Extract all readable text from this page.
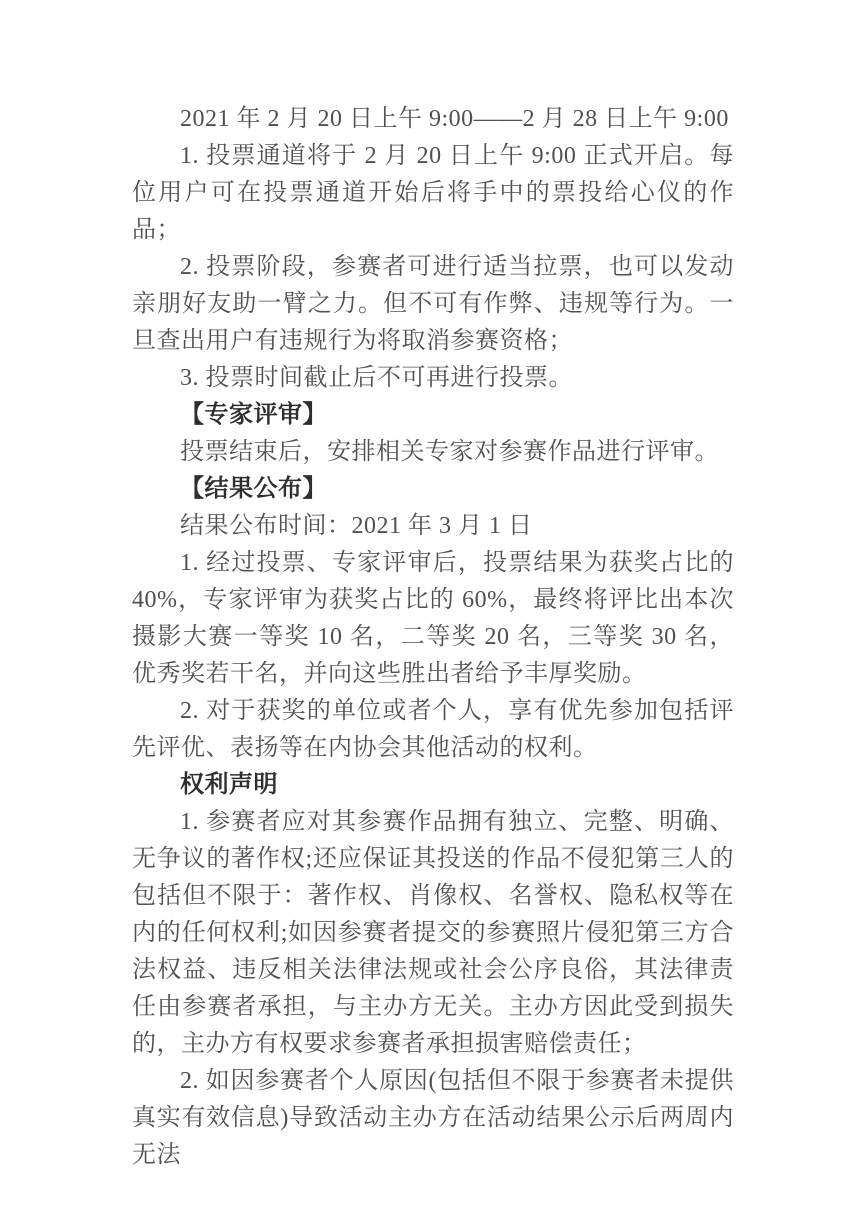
2021 年 2 月 20 日上午 9:00——2 月 28 日上午 9:00

1. 投票通道将于 2 月 20 日上午 9:00 正式开启。每位用户可在投票通道开始后将手中的票投给心仪的作品；

2. 投票阶段，参赛者可进行适当拉票，也可以发动亲朋好友助一臂之力。但不可有作弊、违规等行为。一旦查出用户有违规行为将取消参赛资格；

3. 投票时间截止后不可再进行投票。

【专家评审】

投票结束后，安排相关专家对参赛作品进行评审。

【结果公布】

结果公布时间：2021 年 3 月 1 日

1. 经过投票、专家评审后，投票结果为获奖占比的 40%，专家评审为获奖占比的 60%，最终将评比出本次摄影大赛一等奖 10 名，二等奖 20 名，三等奖 30 名，优秀奖若干名，并向这些胜出者给予丰厚奖励。

2. 对于获奖的单位或者个人，享有优先参加包括评先评优、表扬等在内协会其他活动的权利。

权利声明

1. 参赛者应对其参赛作品拥有独立、完整、明确、无争议的著作权;还应保证其投送的作品不侵犯第三人的包括但不限于：著作权、肖像权、名誉权、隐私权等在内的任何权利;如因参赛者提交的参赛照片侵犯第三方合法权益、违反相关法律法规或社会公序良俗，其法律责任由参赛者承担，与主办方无关。主办方因此受到损失的，主办方有权要求参赛者承担损害赔偿责任；

2. 如因参赛者个人原因(包括但不限于参赛者未提供真实有效信息)导致活动主办方在活动结果公示后两周内无法
